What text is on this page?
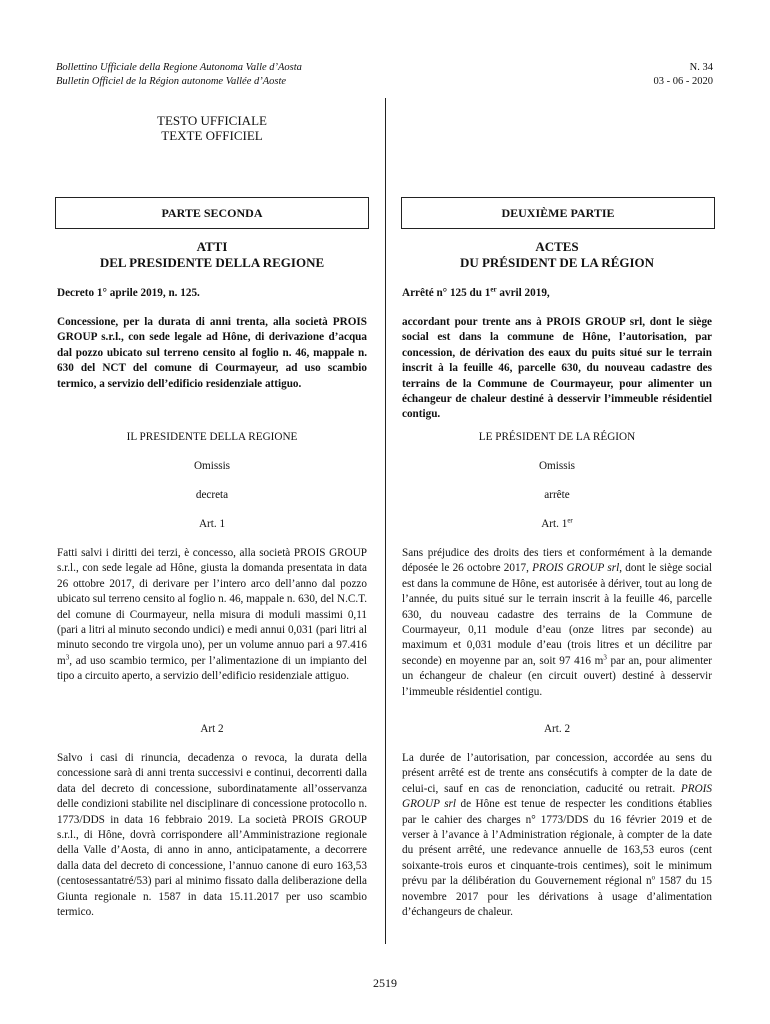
Bollettino Ufficiale della Regione Autonoma Valle d’Aosta
Bulletin Officiel de la Région autonome Vallée d’Aoste
N. 34
03 - 06 - 2020
TESTO UFFICIALE
TEXTE OFFICIEL
PARTE SECONDA	DEUXIÈME PARTIE
ATTI
DEL PRESIDENTE DELLA REGIONE
Decreto 1° aprile 2019, n. 125.
Concessione, per la durata di anni trenta, alla società PROIS GROUP s.r.l., con sede legale ad Hône, di derivazione d’acqua dal pozzo ubicato sul terreno censito al foglio n. 46, mappale n. 630 del NCT del comune di Courmayeur, ad uso scambio termico, a servizio dell’edificio residenziale attiguo.
IL PRESIDENTE DELLA REGIONE
Omissis
decreta
Art. 1
Fatti salvi i diritti dei terzi, è concesso, alla società PROIS GROUP s.r.l., con sede legale ad Hône, giusta la domanda presentata in data 26 ottobre 2017, di derivare per l’intero arco dell’anno dal pozzo ubicato sul terreno censito al foglio n. 46, mappale n. 630, del N.C.T. del comune di Courmayeur, nella misura di moduli massimi 0,11 (pari a litri al minuto secondo undici) e medi annui 0,031 (pari litri al minuto secondo tre virgola uno), per un volume annuo pari a 97.416 $m^3$, ad uso scambio termico, per l’alimentazione di un impianto del tipo a circuito aperto, a servizio dell’edificio residenziale attiguo.
Art 2
Salvo i casi di rinuncia, decadenza o revoca, la durata della concessione sarà di anni trenta successivi e continui, decorrenti dalla data del decreto di concessione, subordinatamente all’osservanza delle condizioni stabilite nel disciplinare di concessione protocollo n. 1773/DDS in data 16 febbraio 2019. La società PROIS GROUP s.r.l., di Hône, dovrà corrispondere all’Amministrazione regionale della Valle d’Aosta, di anno in anno, anticipatamente, a decorrere dalla data del decreto di concessione, l’annuo canone di euro 163,53 (centosessantatré/53) pari al minimo fissato dalla deliberazione della Giunta regionale n. 1587 in data 15.11.2017 per uso scambio termico.
ACTES
DU PRÉSIDENT DE LA RÉGION
Arrêté n° 125 du 1er avril 2019,
accordant pour trente ans à PROIS GROUP srl, dont le siège social est dans la commune de Hône, l’autorisation, par concession, de dérivation des eaux du puits situé sur le terrain inscrit à la feuille 46, parcelle 630, du nouveau cadastre des terrains de la Commune de Courmayeur, pour alimenter un échangeur de chaleur destiné à desservir l’immeuble résidentiel contigu.
LE PRÉSIDENT DE LA RÉGION
Omissis
arrête
Art. 1er
Sans préjudice des droits des tiers et conformément à la demande déposée le 26 octobre 2017, PROIS GROUP srl, dont le siège social est dans la commune de Hône, est autorisée à dériver, tout au long de l’année, du puits situé sur le terrain inscrit à la feuille 46, parcelle 630, du nouveau cadastre des terrains de la Commune de Courmayeur, 0,11 module d’eau (onze litres par seconde) au maximum et 0,031 module d’eau (trois litres et un décilitre par seconde) en moyenne par an, soit 97 416 $m^3$ par an, pour alimenter un échangeur de chaleur (en circuit ouvert) destiné à desservir l’immeuble résidentiel contigu.
Art. 2
La durée de l’autorisation, par concession, accordée au sens du présent arrêté est de trente ans consécutifs à compter de la date de celui-ci, sauf en cas de renonciation, caducité ou retrait. PROIS GROUP srl de Hône est tenue de respecter les conditions établies par le cahier des charges n° 1773/DDS du 16 février 2019 et de verser à l’avance à l’Administration régionale, à compter de la date du présent arrêté, une redevance annuelle de 163,53 euros (cent soixante-trois euros et cinquante-trois centimes), soit le minimum prévu par la délibération du Gouvernement régional $n^o$ 1587 du 15 novembre 2017 pour les dérivations à usage d’alimentation d’échangeurs de chaleur.
2519
